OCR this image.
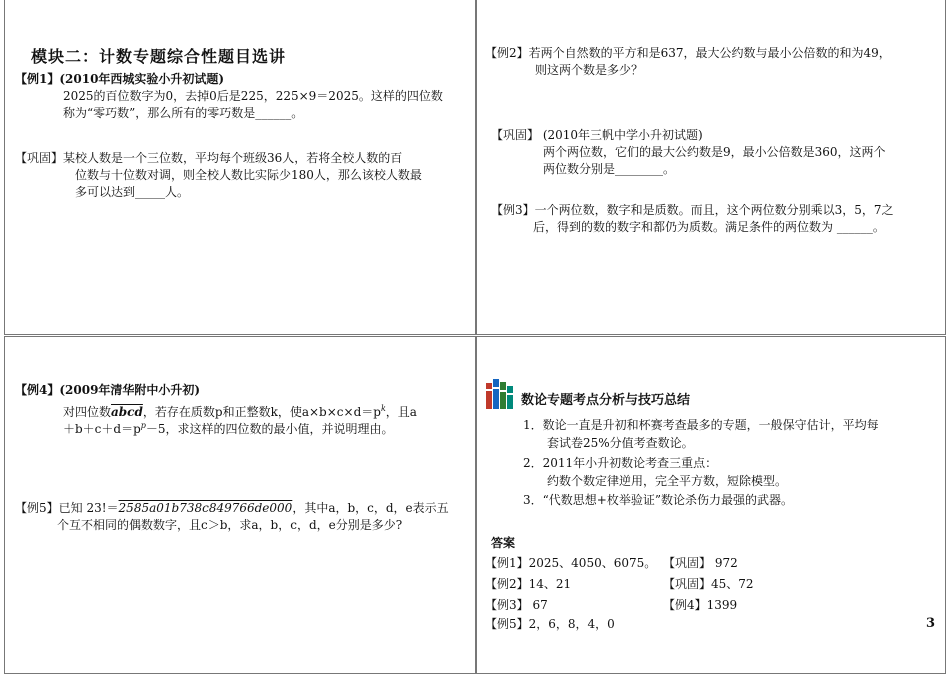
模块二：计数专题综合性题目选讲
【例1】(2010年西城实验小升初试题)
2025的百位数字为0，去掉0后是225，225×9＝2025。这样的四位数
称为“零巧数”，那么所有的零巧数是______。
【巩固】某校人数是一个三位数，平均每个班级36人，若将全校人数的百
位数与十位数对调，则全校人数比实际少180人，那么该校人数最
多可以达到_____人。
【例2】若两个自然数的平方和是637，最大公约数与最小公倍数的和为49，
则这两个数是多少？
【巩固】 (2010年三帆中学小升初试题)
两个两位数，它们的最大公约数是9，最小公倍数是360，这两个
两位数分别是________。
【例3】一个两位数，数字和是质数。而且，这个两位数分别乘以3，5，7之
后，得到的数的数字和都仍为质数。满足条件的两位数为 ______。
【例4】(2009年清华附中小升初)
对四位数abcd，若存在质数p和正整数k，使$a\times b\times c\times d=p^k$，且a
$+b+c+d=p^p-5$，求这样的四位数的最小值，并说明理由。
【例5】已知 23!＝2585a01b738c849766de000，其中a，b，c，d，e表示五
个互不相同的偶数数字，且c＞b，求a，b，c，d，e分别是多少?
数论专题考点分析与技巧总结
1．数论一直是升初和杯赛考查最多的专题，一般保守估计，平均每
套试卷25%分值考查数论。
2．2011年小升初数论考查三重点：
约数个数定律逆用，完全平方数，短除模型。
3．“代数思想+枚举验证”数论杀伤力最强的武器。
答案
【例1】2025、4050、6075。 【巩固】 972
【例2】14、21	【巩固】45、72
【例3】 67	【例4】1399
【例5】2，6，8，4，0	3
